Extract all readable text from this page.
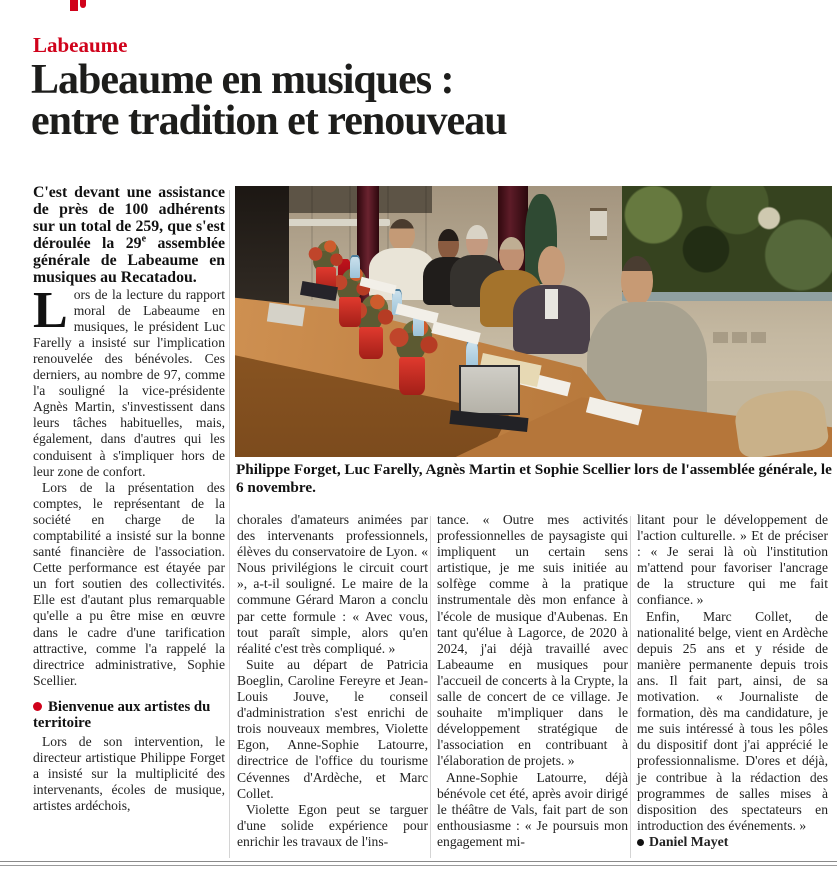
Labeaume
Labeaume en musiques :
entre tradition et renouveau

C'est devant une assistance de près de 100 adhérents sur un total de 259, que s'est déroulée la 29e assemblée générale de Labeaume en musiques au Recatadou.

Lors de la lecture du rapport moral de Labeaume en musiques, le président Luc Farelly a insisté sur l'implication renouvelée des bénévoles. Ces derniers, au nombre de 97, comme l'a souligné la vice-présidente Agnès Martin, s'investissent dans leurs tâches habituelles, mais, également, dans d'autres qui les conduisent à s'impliquer hors de leur zone de confort.

Lors de la présentation des comptes, le représentant de la société en charge de la comptabilité a insisté sur la bonne santé financière de l'association. Cette performance est étayée par un fort soutien des collectivités. Elle est d'autant plus remarquable qu'elle a pu être mise en œuvre dans le cadre d'une tarification attractive, comme l'a rappelé la directrice administrative, Sophie Scellier.

Bienvenue aux artistes du territoire

Lors de son intervention, le directeur artistique Philippe Forget a insisté sur la multiplicité des intervenants, écoles de musique, artistes ardéchois,

Philippe Forget, Luc Farelly, Agnès Martin et Sophie Scellier lors de l'assemblée générale, le 6 novembre.

chorales d'amateurs animées par des intervenants professionnels, élèves du conservatoire de Lyon. « Nous privilégions le circuit court », a-t-il souligné. Le maire de la commune Gérard Maron a conclu par cette formule : « Avec vous, tout paraît simple, alors qu'en réalité c'est très compliqué. »

Suite au départ de Patricia Boeglin, Caroline Fereyre et Jean-Louis Jouve, le conseil d'administration s'est enrichi de trois nouveaux membres, Violette Egon, Anne-Sophie Latourre, directrice de l'office du tourisme Cévennes d'Ardèche, et Marc Collet.

Violette Egon peut se targuer d'une solide expérience pour enrichir les travaux de l'ins-

tance. « Outre mes activités professionnelles de paysagiste qui impliquent un certain sens artistique, je me suis initiée au solfège comme à la pratique instrumentale dès mon enfance à l'école de musique d'Aubenas. En tant qu'élue à Lagorce, de 2020 à 2024, j'ai déjà travaillé avec Labeaume en musiques pour l'accueil de concerts à la Crypte, la salle de concert de ce village. Je souhaite m'impliquer dans le développement stratégique de l'association en contribuant à l'élaboration de projets. »

Anne-Sophie Latourre, déjà bénévole cet été, après avoir dirigé le théâtre de Vals, fait part de son enthousiasme : « Je poursuis mon engagement mi-

litant pour le développement de l'action culturelle. » Et de préciser : « Je serai là où l'institution m'attend pour favoriser l'ancrage de la structure qui me fait confiance. »

Enfin, Marc Collet, de nationalité belge, vient en Ardèche depuis 25 ans et y réside de manière permanente depuis trois ans. Il fait part, ainsi, de sa motivation. « Journaliste de formation, dès ma candidature, je me suis intéressé à tous les pôles du dispositif dont j'ai apprécié le professionnalisme. D'ores et déjà, je contribue à la rédaction des programmes de salles mises à disposition des spectateurs en introduction des événements. »

Daniel Mayet
